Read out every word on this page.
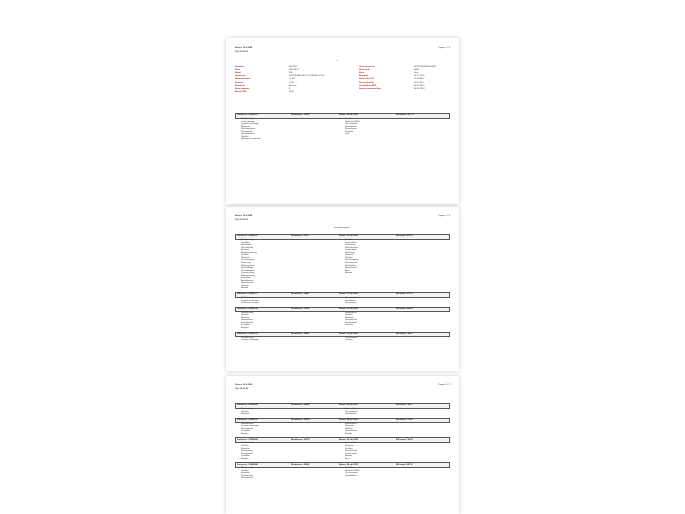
Datum: 22-4-2024
Tijd: 10:30:22
Pagina: 1 / 3
⌙
Kenteken	FB-TW-L
Merk	PEUGEOT
Model	208
Uitvoering	208 5M HATCHB 1.2 PURETECH 110
Kilometerstand	71.657
Opbouw	7 DR
Brandstof	Benzine
Datum tenaam	0
Bouwj. APK	2020
Chassisnummer	VF3UPHNS9KS203078
Motorcode	HN05
Kleur	Grijs
Bouwjaar	04-11-2019
Datum Deel 1A	13-4-2020
Datum Deel 1B	13-4-2020
Vervaldatum APK	04-11-2025
Datum tenaamstelling	04-11-2019
Factuurnr.: 20202213	Werkbonnr.: 21060	Datum: 18 okt 2023	KM-stand: 107773
Werkbeurting	Inlaatkit
Ondersteuning	Motorolie 5W30
Lampen vervangen	Olie ontwijzid
Wasbeurt	Remblokken
Wiel-doorlopen	Remschijven
Ruitenwisser	Fotoprint
Ruitenwassers	Liqui
Oliefilter
Werkbonnr verstuurd
Datum: 22-4-2024
Tijd: 10:30:22
Pagina: 2 / 3
Kentekenregister
Factuurnr.: 20202611	Werkbonnr.: 00117	Datum: 25 okt 2023	KM-stand: 97578
Werkbeurting	Inlaatkit
Luchtfilter	Interieurfilter
Wisserblad	Ontluchting
Remvloeistof	Ruitensproeier
Accutest	Koelvloeistof
Bandenspanning	Verlichting
Oliefilter	Motorolie
Motorolie	Oliefilter
Olie-aftapplug	Olie-aftapplug
Verlichting	Remvloeistof
Uitlaatsysteem	Remblokken
Remleidingen	Remschijven
Schokdempers	Accu
Stuurinrichting	Banden
Wielophanging
Koppeling
Aandrijfassen
Motorsteunen
Lekkage
Banden
Factuurnr.: 20202171	Werkbonnr.: 90807	Datum: 27 okt 2023	KM-stand: 87178
Werkbeurting	Olie ontwijzid
Lampen vervangen	Remblokken
Controleer remmen	Remschijven
Factuurnr.: 20202199	Werkbonnr.: 97007	Datum: 22 okt 2022	KM-stand: 83628
Werkbeurting	Interieurfilter
Oliefilter	Oliefilter
Motorolie	Motorolie
Ruitenwisser	Remvloeistof
Remvloeistof	Koelvloeistof
Luchtfilter	Controle
Bougies
Factuurnr.: 20201174	Werkbonnr.: 28831	Datum: 13 jun 2022	KM-stand: 70473
Werkbeurting	Olie ontwijzid
Lampen vervangen	Lampen
Datum: 22-4-2024
Tijd: 10:30:22
Pagina: 3 / 3
Factuurnr.: 20200968	Werkbonnr.: 40908	Datum: 26 okt 2021	KM-stand: 75571
Werkbeurting	Interieurfilter
Oliefilter	Olie ontwijzid
Motorolie	Remblokken
Factuurnr.: 20200741	Werkbonnr.: 90158	Datum: 28 jan 2021	KM-stand: 77166
Werkbeurting	Interieurfilter
Lampen vervangen	Motorolie
Remvloeistof	Oliefilter
Luchtfilter	Remvloeistof
Bougies	Banden
Factuurnr.: 20200564	Werkbonnr.: 90774	Datum: 23 okt 2020	KM-stand: 70003
Werkbeurting	Interieurfilter
Oliefilter	Motorolie
Motorolie	Oliefilter
Ruitenwisser	Remvloeistof
Remvloeistof	Koelvloeistof
Luchtfilter	Banden
Bougies	Accu
Factuurnr.: 20200389	Werkbonnr.: 40166	Datum: 29 okt 2019	KM-stand: 66774
Werkbeurting	Inlaatkit
Oliefilter	Motorolie 5W30
Motorolie	Olie ontwijzid
Ruitenwisser	Remblokken
Remvloeistof
